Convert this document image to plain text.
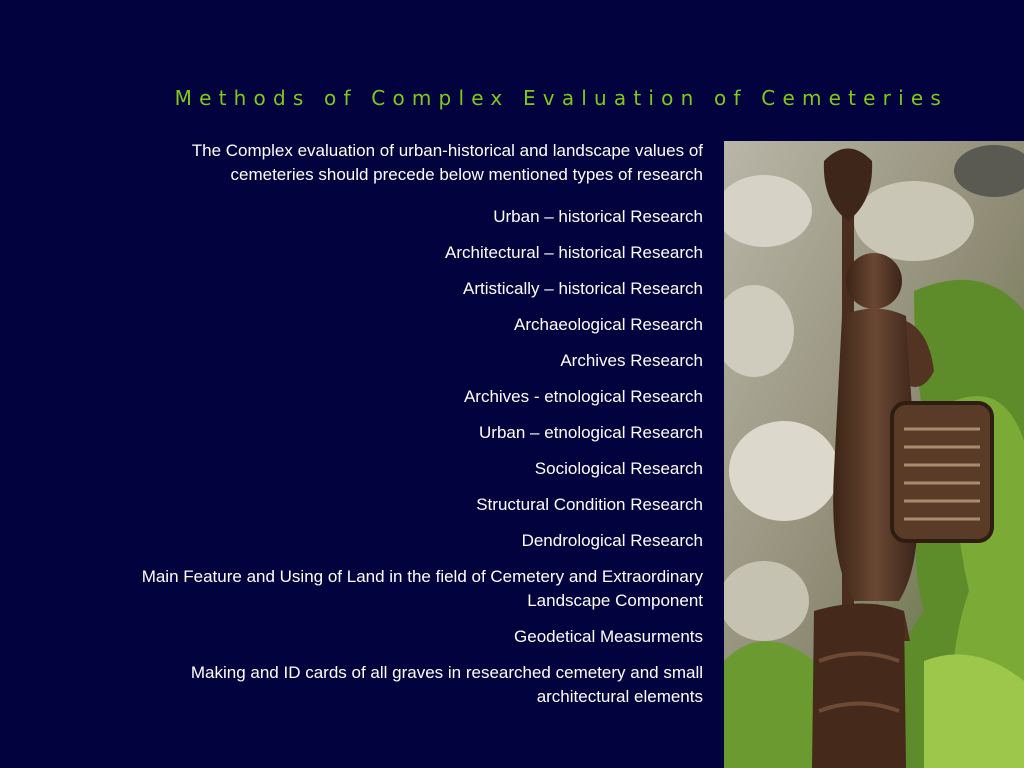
Methods of Complex Evaluation of Cemeteries

The Complex evaluation of urban-historical and landscape values of cemeteries should precede below mentioned types of research

Urban – historical Research
Architectural – historical Research
Artistically – historical Research
Archaeological Research
Archives Research
Archives - etnological Research
Urban – etnological Research
Sociological Research
Structural Condition Research
Dendrological Research
Main Feature and Using of Land in the field of Cemetery and Extraordinary Landscape Component
Geodetical Measurments
Making and ID cards of all graves in researched cemetery and small architectural elements
